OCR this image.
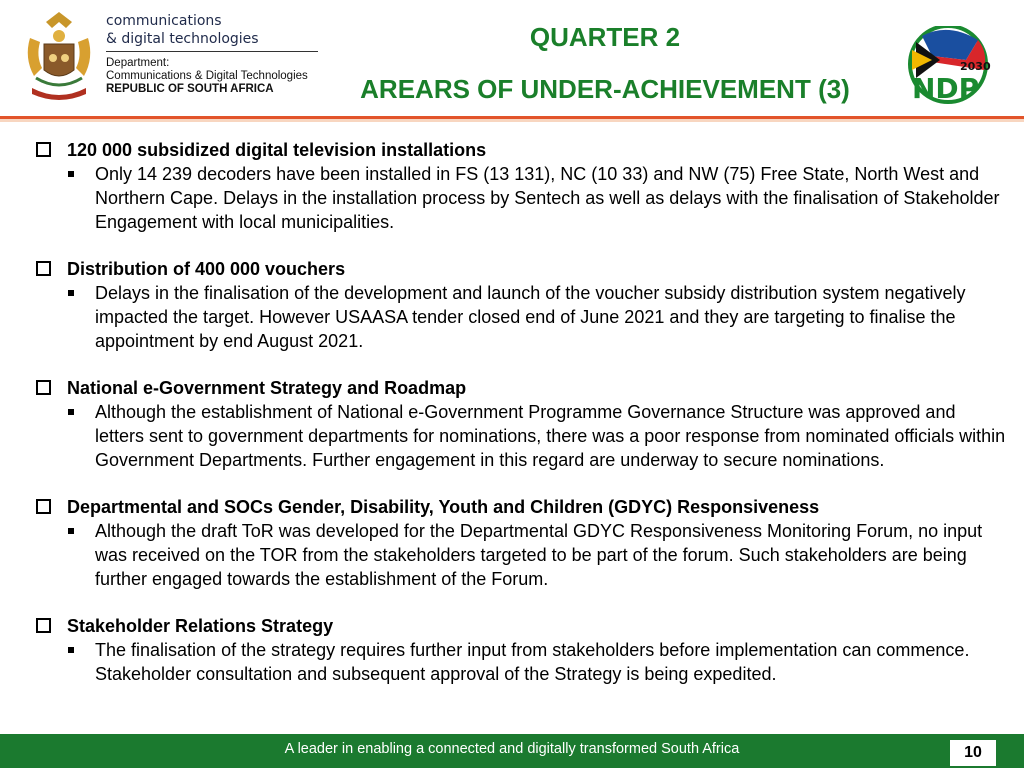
communications
& digital technologies
Department:
Communications & Digital Technologies
REPUBLIC OF SOUTH AFRICA
QUARTER 2
AREARS OF UNDER-ACHIEVEMENT (3)
2030
NDP
120 000 subsidized digital television installations
Only 14 239 decoders have been installed in FS (13 131), NC (10 33) and NW (75) Free State, North West and Northern Cape. Delays in the installation process by Sentech as well as delays with the finalisation of Stakeholder Engagement with local municipalities.
Distribution of 400 000 vouchers
Delays in the finalisation of the development and launch of the voucher subsidy distribution system negatively impacted the target. However USAASA tender closed end of June 2021 and they are targeting to finalise the appointment by end August 2021.
National e-Government Strategy and Roadmap
Although the establishment of National e-Government Programme Governance Structure was approved and letters sent to government departments for nominations, there was a poor response from nominated officials within Government Departments. Further engagement in this regard are underway to secure nominations.
Departmental and SOCs Gender, Disability, Youth and Children (GDYC) Responsiveness
Although the draft ToR was developed for the Departmental GDYC Responsiveness Monitoring Forum, no input was received on the TOR from the stakeholders targeted to be part of the forum. Such stakeholders are being further engaged towards the establishment of the Forum.
Stakeholder Relations Strategy
The finalisation of the strategy requires further input from stakeholders before implementation can commence. Stakeholder consultation and subsequent approval of the Strategy is being expedited.
A leader in enabling a connected and digitally transformed South Africa	10
